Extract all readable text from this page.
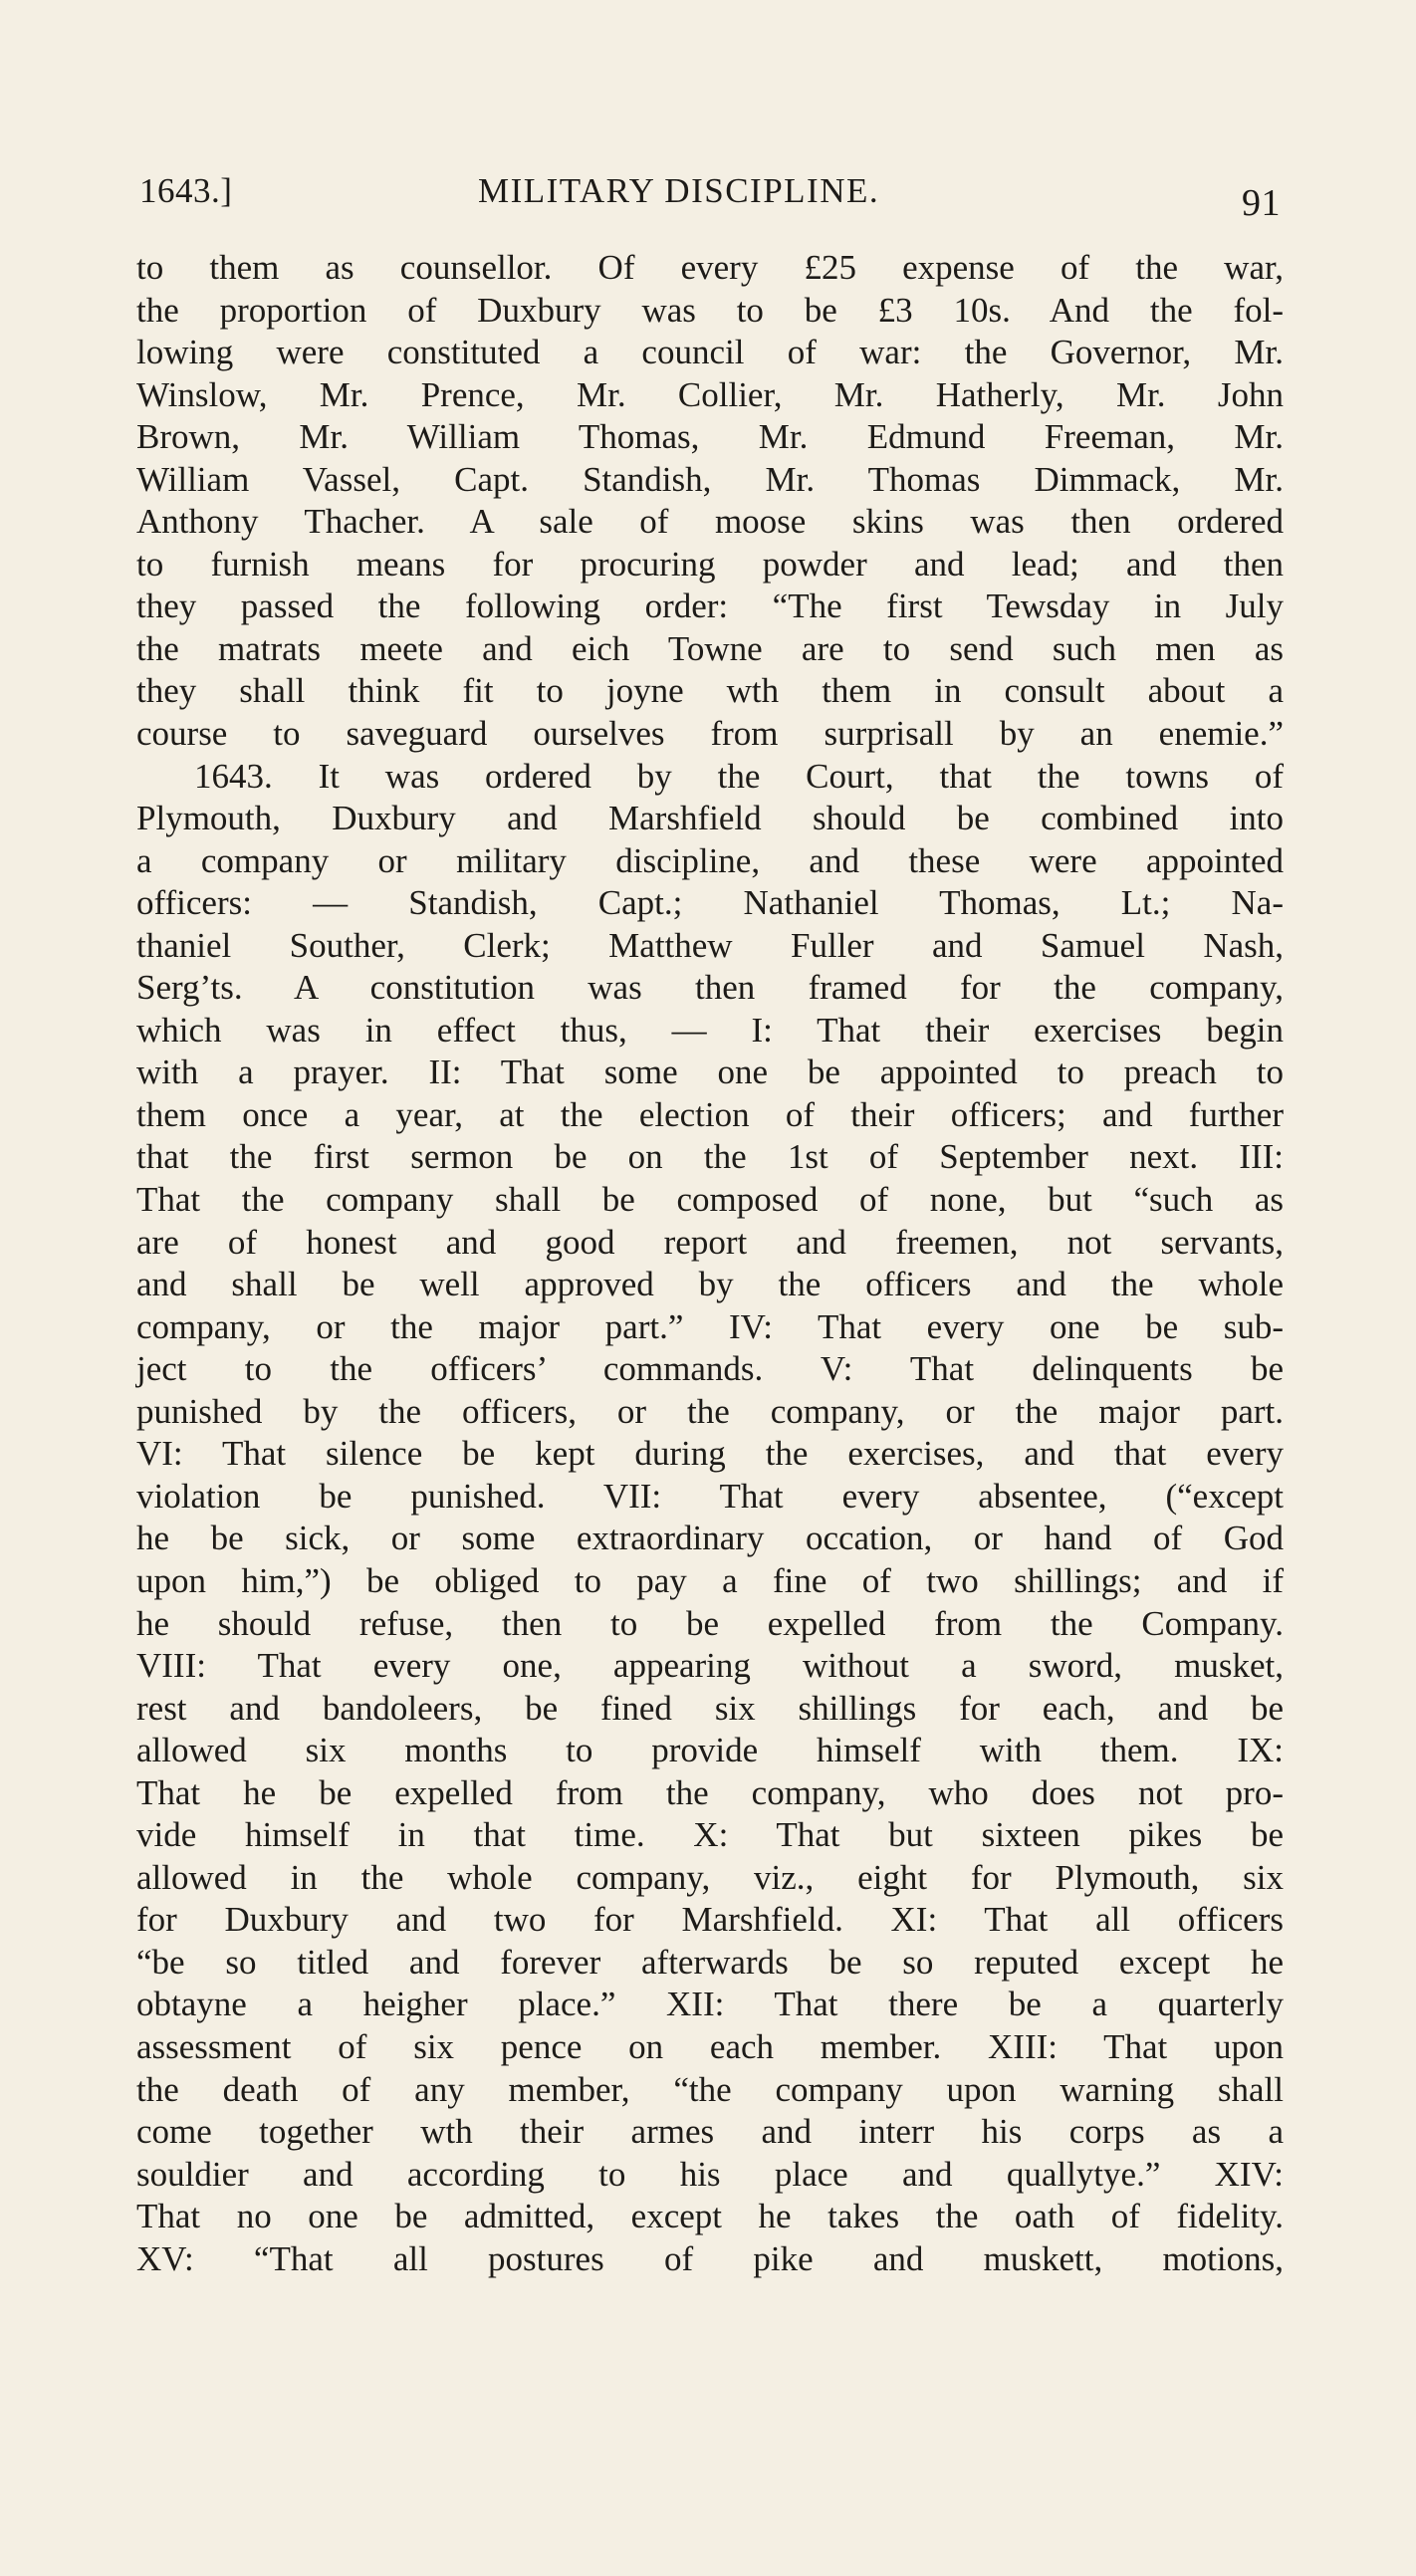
1643.]	MILITARY DISCIPLINE.	91
to them as counsellor. Of every £25 expense of the war,
the proportion of Duxbury was to be £3 10s. And the fol-
lowing were constituted a council of war: the Governor, Mr.
Winslow, Mr. Prence, Mr. Collier, Mr. Hatherly, Mr. John
Brown, Mr. William Thomas, Mr. Edmund Freeman, Mr.
William Vassel, Capt. Standish, Mr. Thomas Dimmack, Mr.
Anthony Thacher. A sale of moose skins was then ordered
to furnish means for procuring powder and lead; and then
they passed the following order: “The first Tewsday in July
the matrats meete and eich Towne are to send such men as
they shall think fit to joyne wth them in consult about a
course to saveguard ourselves from surprisall by an enemie.”
1643. It was ordered by the Court, that the towns of
Plymouth, Duxbury and Marshfield should be combined into
a company or military discipline, and these were appointed
officers: — Standish, Capt.; Nathaniel Thomas, Lt.; Na-
thaniel Souther, Clerk; Matthew Fuller and Samuel Nash,
Serg’ts. A constitution was then framed for the company,
which was in effect thus, — I: That their exercises begin
with a prayer. II: That some one be appointed to preach to
them once a year, at the election of their officers; and further
that the first sermon be on the 1st of September next. III:
That the company shall be composed of none, but “such as
are of honest and good report and freemen, not servants,
and shall be well approved by the officers and the whole
company, or the major part.” IV: That every one be sub-
ject to the officers’ commands. V: That delinquents be
punished by the officers, or the company, or the major part.
VI: That silence be kept during the exercises, and that every
violation be punished. VII: That every absentee, (“except
he be sick, or some extraordinary occation, or hand of God
upon him,”) be obliged to pay a fine of two shillings; and if
he should refuse, then to be expelled from the Company.
VIII: That every one, appearing without a sword, musket,
rest and bandoleers, be fined six shillings for each, and be
allowed six months to provide himself with them. IX:
That he be expelled from the company, who does not pro-
vide himself in that time. X: That but sixteen pikes be
allowed in the whole company, viz., eight for Plymouth, six
for Duxbury and two for Marshfield. XI: That all officers
“be so titled and forever afterwards be so reputed except he
obtayne a heigher place.” XII: That there be a quarterly
assessment of six pence on each member. XIII: That upon
the death of any member, “the company upon warning shall
come together wth their armes and interr his corps as a
souldier and according to his place and quallytye.” XIV:
That no one be admitted, except he takes the oath of fidelity.
XV: “That all postures of pike and muskett, motions,
